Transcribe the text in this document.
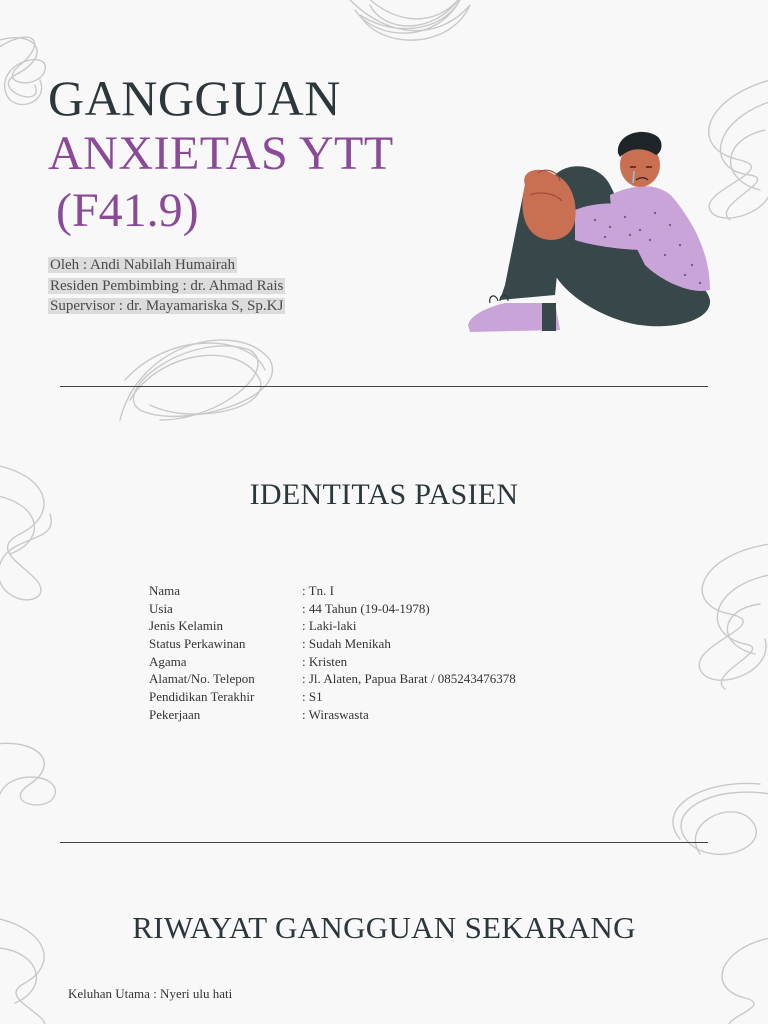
GANGGUAN
ANXIETAS YTT
(F41.9)
Oleh : Andi Nabilah Humairah
Residen Pembimbing : dr. Ahmad Rais
Supervisor : dr. Mayamariska S, Sp.KJ
IDENTITAS PASIEN
Nama	: Tn. I
Usia	: 44 Tahun (19-04-1978)
Jenis Kelamin	: Laki-laki
Status Perkawinan	: Sudah Menikah
Agama	: Kristen
Alamat/No. Telepon	: Jl. Alaten, Papua Barat / 085243476378
Pendidikan Terakhir	: S1
Pekerjaan	: Wiraswasta
RIWAYAT GANGGUAN SEKARANG
Keluhan Utama : Nyeri ulu hati
